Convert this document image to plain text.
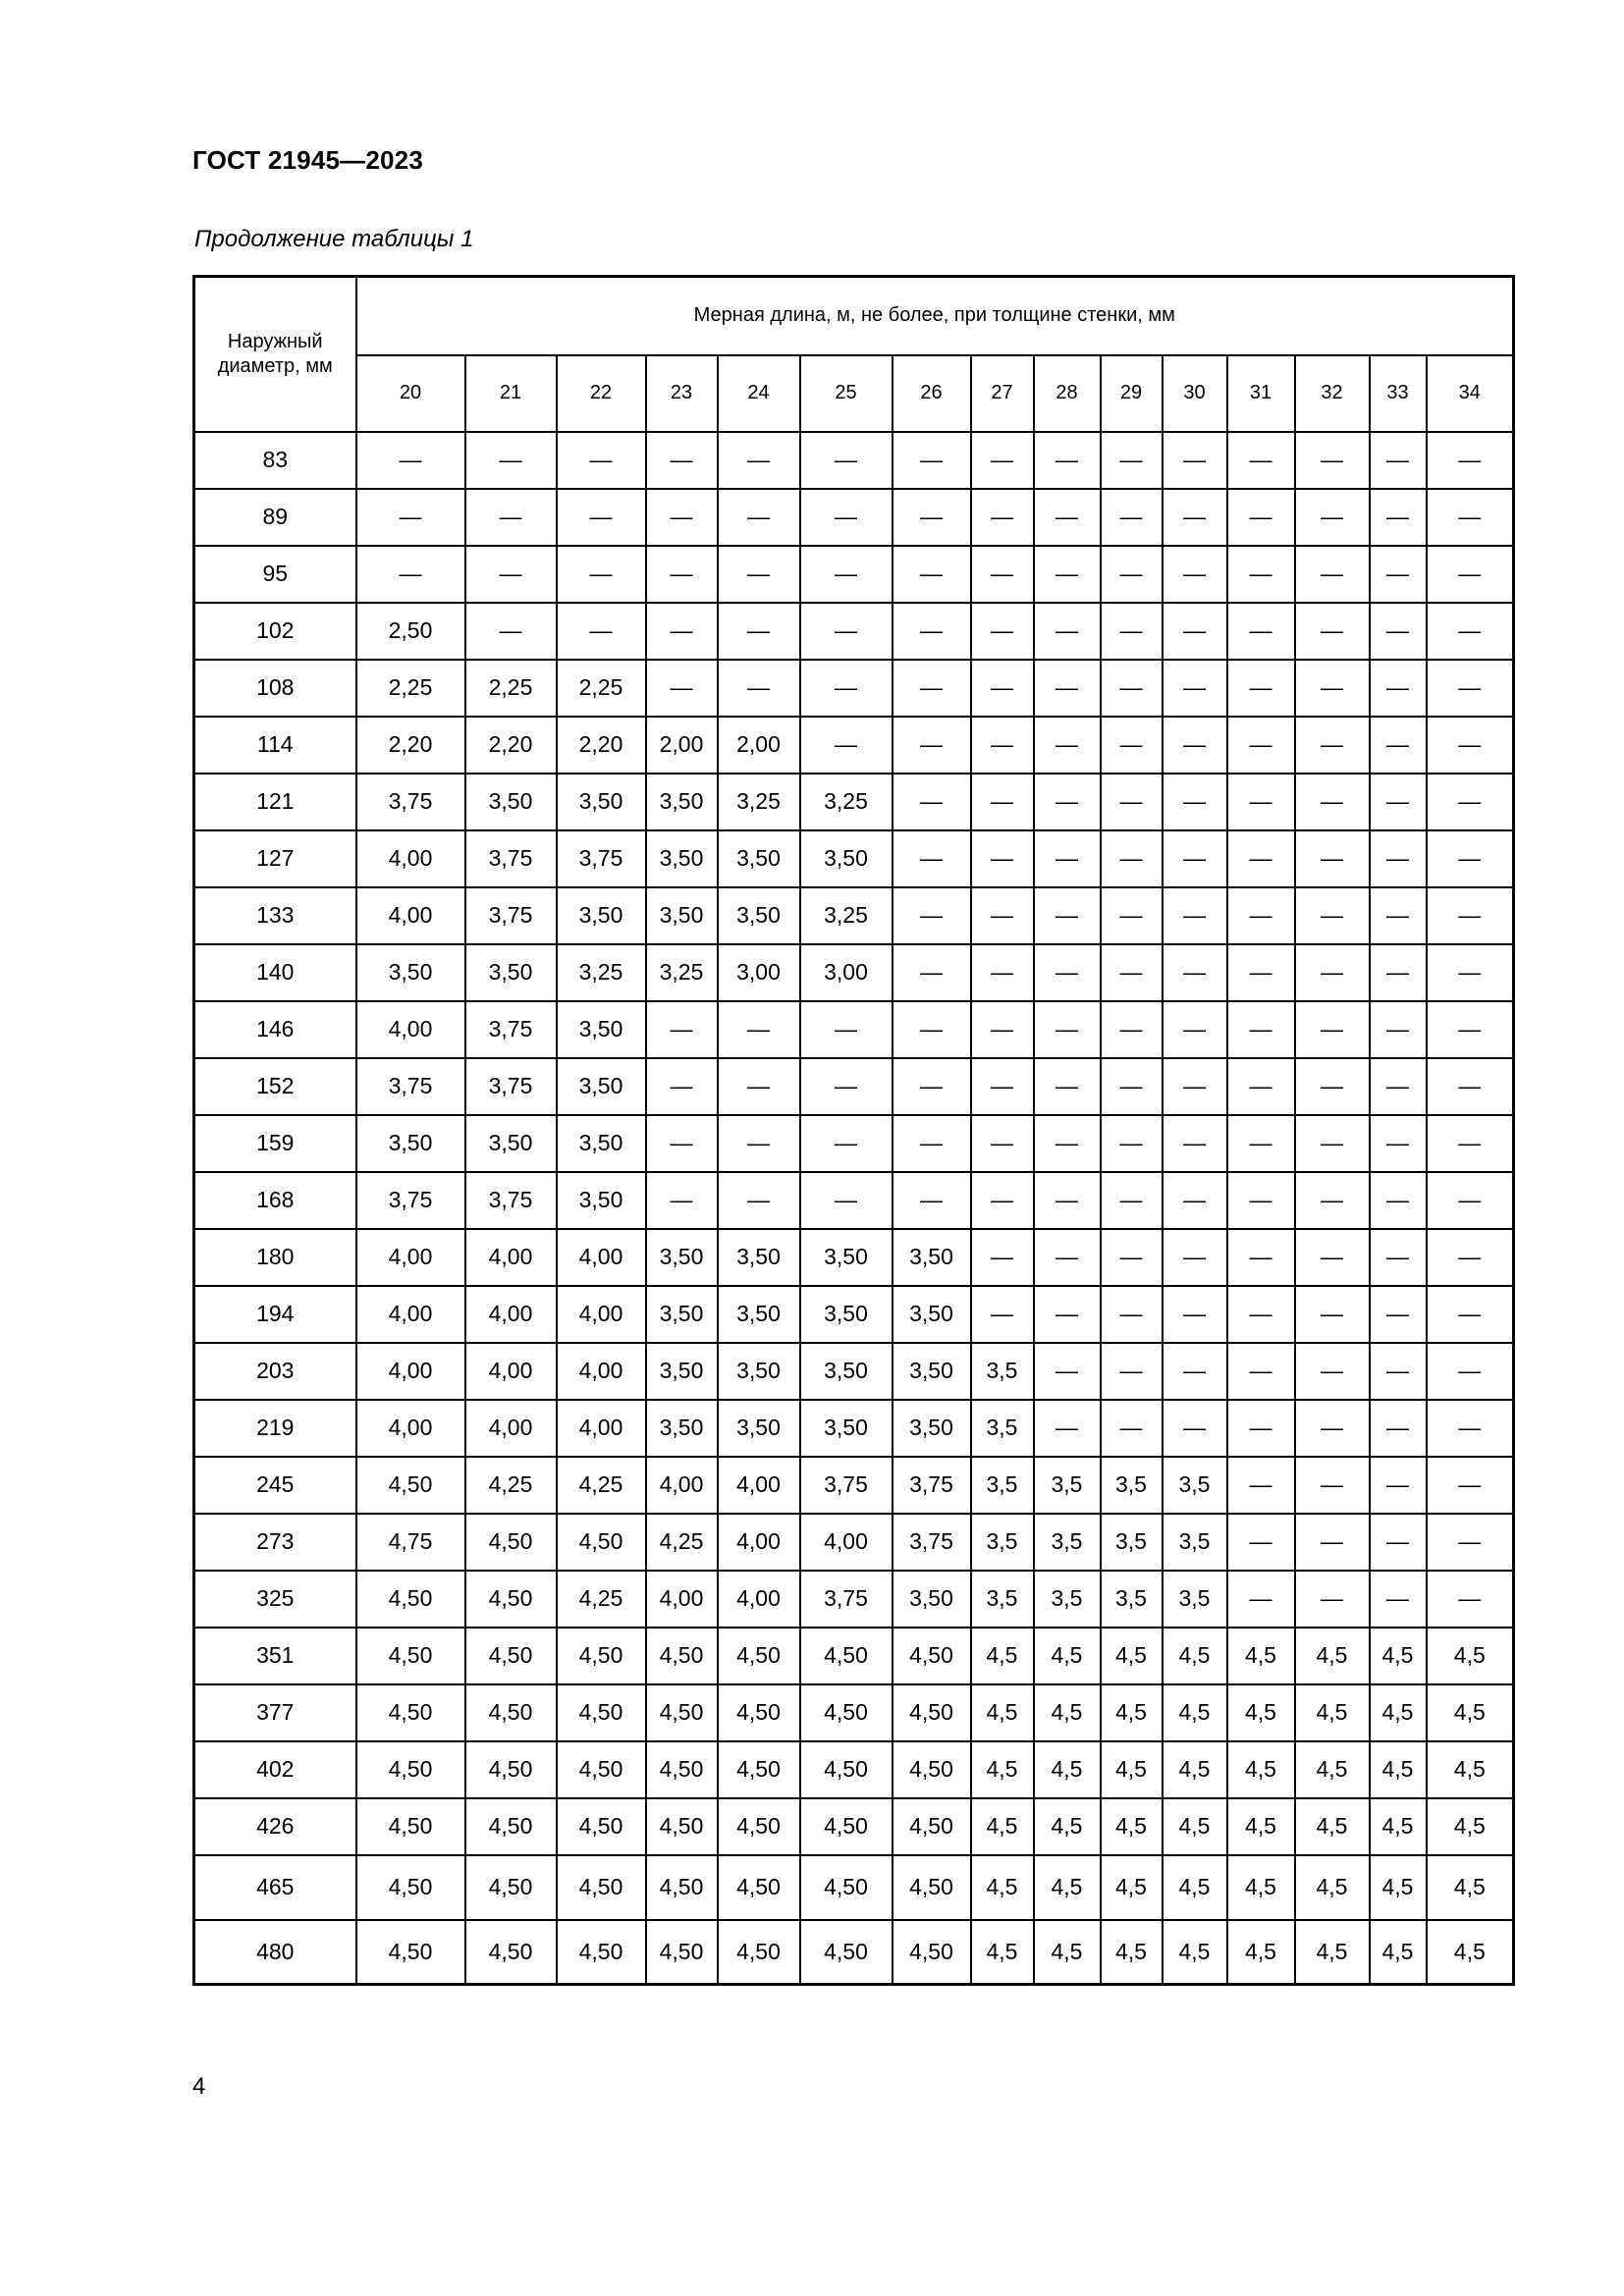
ГОСТ 21945—2023
Продолжение таблицы 1
Наружный диаметр, мм	Мерная длина, м, не более, при толщине стенки, мм														
	20	21	22	23	24	25	26	27	28	29	30	31	32	33	34
83	—	—	—	—	—	—	—	—	—	—	—	—	—	—	—
89	—	—	—	—	—	—	—	—	—	—	—	—	—	—	—
95	—	—	—	—	—	—	—	—	—	—	—	—	—	—	—
102	2,50	—	—	—	—	—	—	—	—	—	—	—	—	—	—
108	2,25	2,25	2,25	—	—	—	—	—	—	—	—	—	—	—	—
114	2,20	2,20	2,20	2,00	2,00	—	—	—	—	—	—	—	—	—	—
121	3,75	3,50	3,50	3,50	3,25	3,25	—	—	—	—	—	—	—	—	—
127	4,00	3,75	3,75	3,50	3,50	3,50	—	—	—	—	—	—	—	—	—
133	4,00	3,75	3,50	3,50	3,50	3,25	—	—	—	—	—	—	—	—	—
140	3,50	3,50	3,25	3,25	3,00	3,00	—	—	—	—	—	—	—	—	—
146	4,00	3,75	3,50	—	—	—	—	—	—	—	—	—	—	—	—
152	3,75	3,75	3,50	—	—	—	—	—	—	—	—	—	—	—	—
159	3,50	3,50	3,50	—	—	—	—	—	—	—	—	—	—	—	—
168	3,75	3,75	3,50	—	—	—	—	—	—	—	—	—	—	—	—
180	4,00	4,00	4,00	3,50	3,50	3,50	3,50	—	—	—	—	—	—	—	—
194	4,00	4,00	4,00	3,50	3,50	3,50	3,50	—	—	—	—	—	—	—	—
203	4,00	4,00	4,00	3,50	3,50	3,50	3,50	3,5	—	—	—	—	—	—	—
219	4,00	4,00	4,00	3,50	3,50	3,50	3,50	3,5	—	—	—	—	—	—	—
245	4,50	4,25	4,25	4,00	4,00	3,75	3,75	3,5	3,5	3,5	3,5	—	—	—	—
273	4,75	4,50	4,50	4,25	4,00	4,00	3,75	3,5	3,5	3,5	3,5	—	—	—	—
325	4,50	4,50	4,25	4,00	4,00	3,75	3,50	3,5	3,5	3,5	3,5	—	—	—	—
351	4,50	4,50	4,50	4,50	4,50	4,50	4,50	4,5	4,5	4,5	4,5	4,5	4,5	4,5	4,5
377	4,50	4,50	4,50	4,50	4,50	4,50	4,50	4,5	4,5	4,5	4,5	4,5	4,5	4,5	4,5
402	4,50	4,50	4,50	4,50	4,50	4,50	4,50	4,5	4,5	4,5	4,5	4,5	4,5	4,5	4,5
426	4,50	4,50	4,50	4,50	4,50	4,50	4,50	4,5	4,5	4,5	4,5	4,5	4,5	4,5	4,5
465	4,50	4,50	4,50	4,50	4,50	4,50	4,50	4,5	4,5	4,5	4,5	4,5	4,5	4,5	4,5
480	4,50	4,50	4,50	4,50	4,50	4,50	4,50	4,5	4,5	4,5	4,5	4,5	4,5	4,5	4,5
4
